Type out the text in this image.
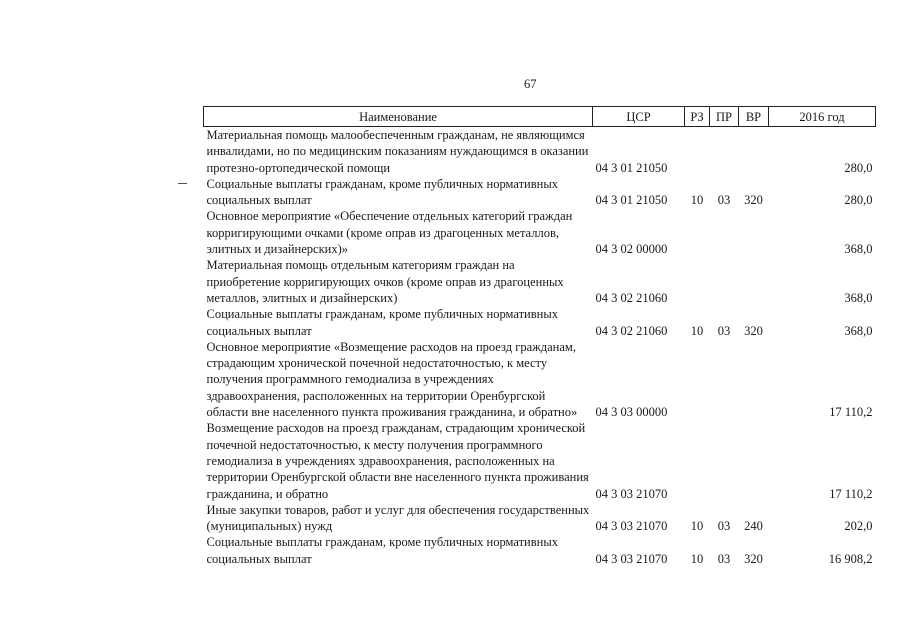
67
Наименование	ЦСР	РЗ	ПР	ВР	2016 год
Материальная помощь малообеспеченным гражданам, не являющимся инвалидами, но по медицинским показаниям нуждающимся в оказании протезно-ортопедической помощи	04 3 01 21050				280,0
Социальные выплаты гражданам, кроме публичных нормативных социальных выплат	04 3 01 21050	10	03	320	280,0
Основное мероприятие «Обеспечение отдельных категорий граждан корригирующими очками (кроме оправ из драгоценных металлов, элитных и дизайнерских)»	04 3 02 00000				368,0
Материальная помощь отдельным категориям граждан на приобретение корригирующих очков (кроме оправ из драгоценных металлов, элитных и дизайнерских)	04 3 02 21060				368,0
Социальные выплаты гражданам, кроме публичных нормативных социальных выплат	04 3 02 21060	10	03	320	368,0
Основное мероприятие «Возмещение расходов на проезд гражданам, страдающим хронической почечной недостаточностью, к месту получения программного гемодиализа в учреждениях здравоохранения, расположенных на территории Оренбургской области вне населенного пункта проживания гражданина, и обратно»	04 3 03 00000				17 110,2
Возмещение расходов на проезд гражданам, страдающим хронической почечной недостаточностью, к месту получения программного гемодиализа в учреждениях здравоохранения, расположенных на территории Оренбургской области вне населенного пункта проживания гражданина, и обратно	04 3 03 21070				17 110,2
Иные закупки товаров, работ и услуг для обеспечения государственных (муниципальных) нужд	04 3 03 21070	10	03	240	202,0
Социальные выплаты гражданам, кроме публичных нормативных социальных выплат	04 3 03 21070	10	03	320	16 908,2
